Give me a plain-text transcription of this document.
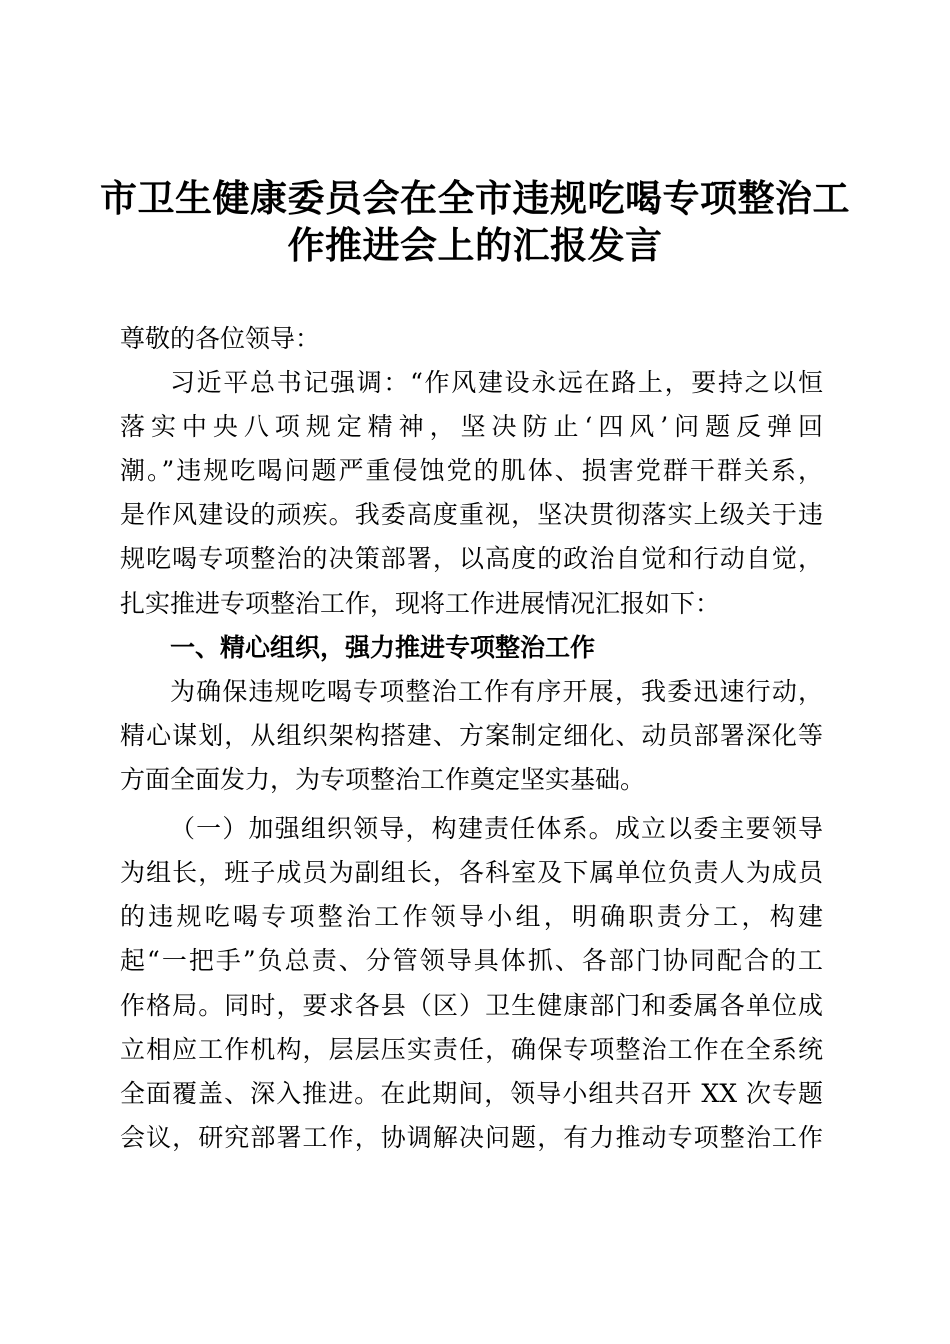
市卫生健康委员会在全市违规吃喝专项整治工
作推进会上的汇报发言
尊敬的各位领导：
习近平总书记强调：“作风建设永远在路上，要持之以恒
落实中央八项规定精神，坚决防止‘四风’问题反弹回
潮。”违规吃喝问题严重侵蚀党的肌体、损害党群干群关系，
是作风建设的顽疾。我委高度重视，坚决贯彻落实上级关于违
规吃喝专项整治的决策部署，以高度的政治自觉和行动自觉，
扎实推进专项整治工作，现将工作进展情况汇报如下：
一、精心组织，强力推进专项整治工作
为确保违规吃喝专项整治工作有序开展，我委迅速行动，
精心谋划，从组织架构搭建、方案制定细化、动员部署深化等
方面全面发力，为专项整治工作奠定坚实基础。
（一）加强组织领导，构建责任体系。成立以委主要领导
为组长，班子成员为副组长，各科室及下属单位负责人为成员
的违规吃喝专项整治工作领导小组，明确职责分工，构建
起“一把手”负总责、分管领导具体抓、各部门协同配合的工
作格局。同时，要求各县（区）卫生健康部门和委属各单位成
立相应工作机构，层层压实责任，确保专项整治工作在全系统
全面覆盖、深入推进。在此期间，领导小组共召开 XX 次专题
会议，研究部署工作，协调解决问题，有力推动专项整治工作
